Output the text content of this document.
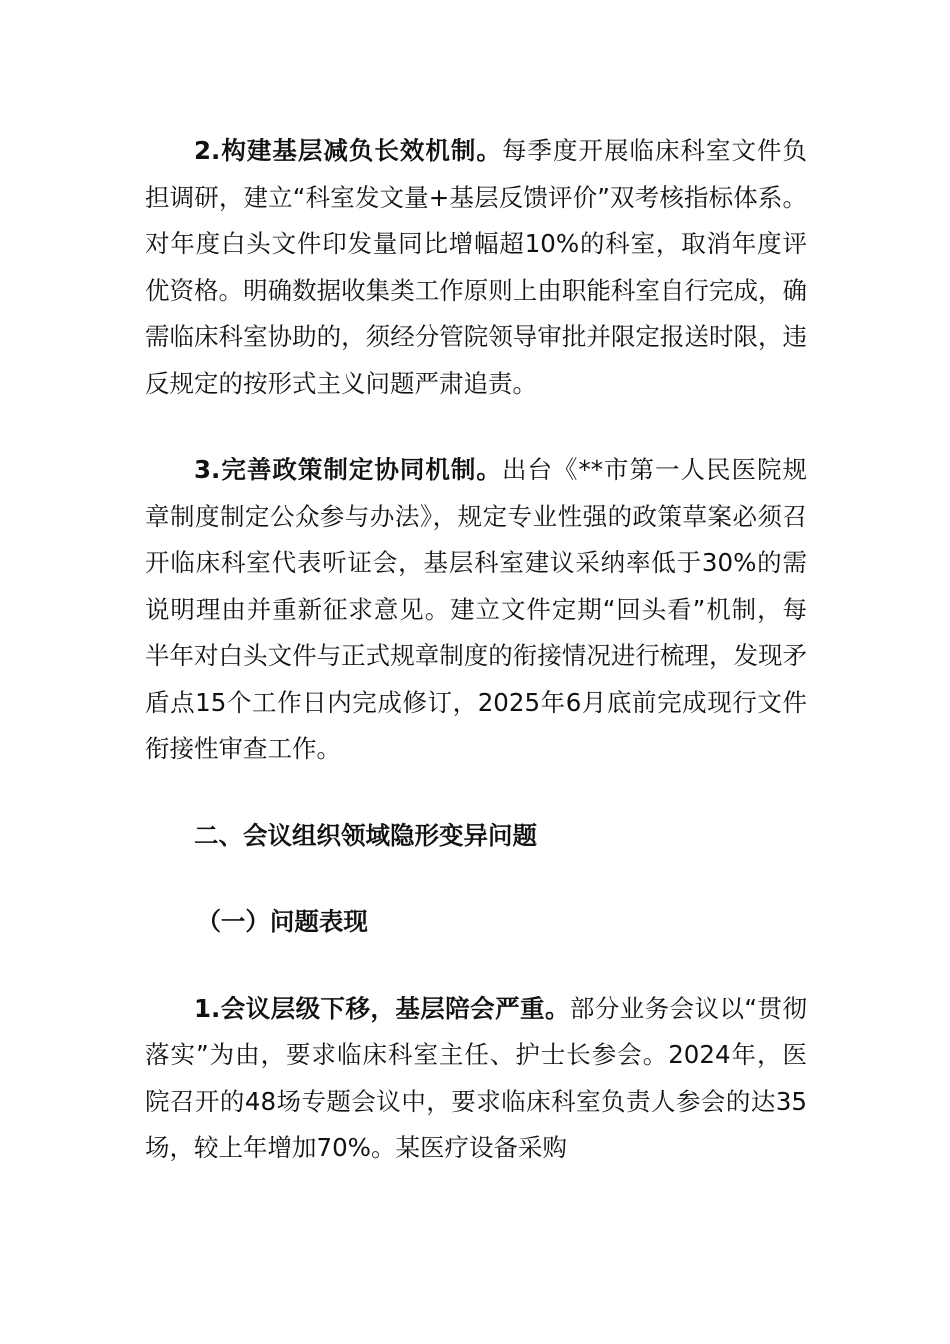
2.构建基层减负长效机制。每季度开展临床科室文件负担调研，建立“科室发文量+基层反馈评价”双考核指标体系。对年度白头文件印发量同比增幅超10%的科室，取消年度评优资格。明确数据收集类工作原则上由职能科室自行完成，确需临床科室协助的，须经分管院领导审批并限定报送时限，违反规定的按形式主义问题严肃追责。

3.完善政策制定协同机制。出台《**市第一人民医院规章制度制定公众参与办法》，规定专业性强的政策草案必须召开临床科室代表听证会，基层科室建议采纳率低于30%的需说明理由并重新征求意见。建立文件定期“回头看”机制，每半年对白头文件与正式规章制度的衔接情况进行梳理，发现矛盾点15个工作日内完成修订，2025年6月底前完成现行文件衔接性审查工作。

二、会议组织领域隐形变异问题

（一）问题表现

1.会议层级下移，基层陪会严重。部分业务会议以“贯彻落实”为由，要求临床科室主任、护士长参会。2024年，医院召开的48场专题会议中，要求临床科室负责人参会的达35场，较上年增加70%。某医疗设备采购
